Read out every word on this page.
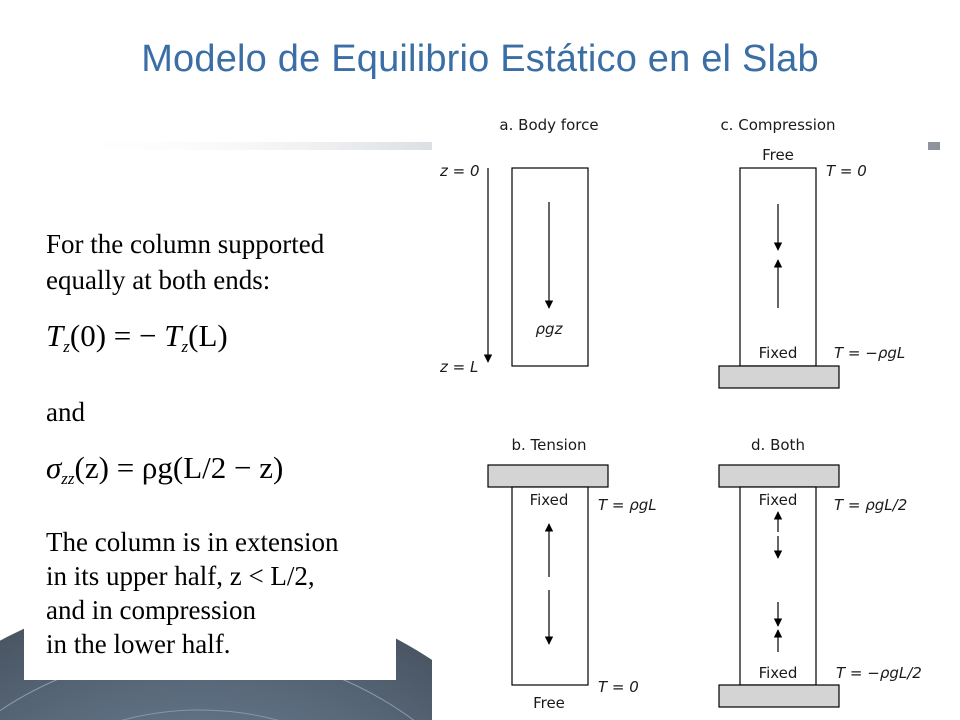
Modelo de Equilibrio Estático en el Slab
For the column supported
equally at both ends:
$T_z(0)$ = − $T_z(L)$
and
$\sigma_{zz}(z) = \rho g(L/2 - z)$
The column is in extension
in its upper half, z < L/2,
and in compression
in the lower half.
a. Body force
z = 0
z = L
ρgz
c. Compression
Free
T = 0
Fixed T = −ρgL
b. Tension
Fixed T = ρgL
T = 0
Free
d. Both
Fixed T = ρgL/2
Fixed	T = −ρgL/2
